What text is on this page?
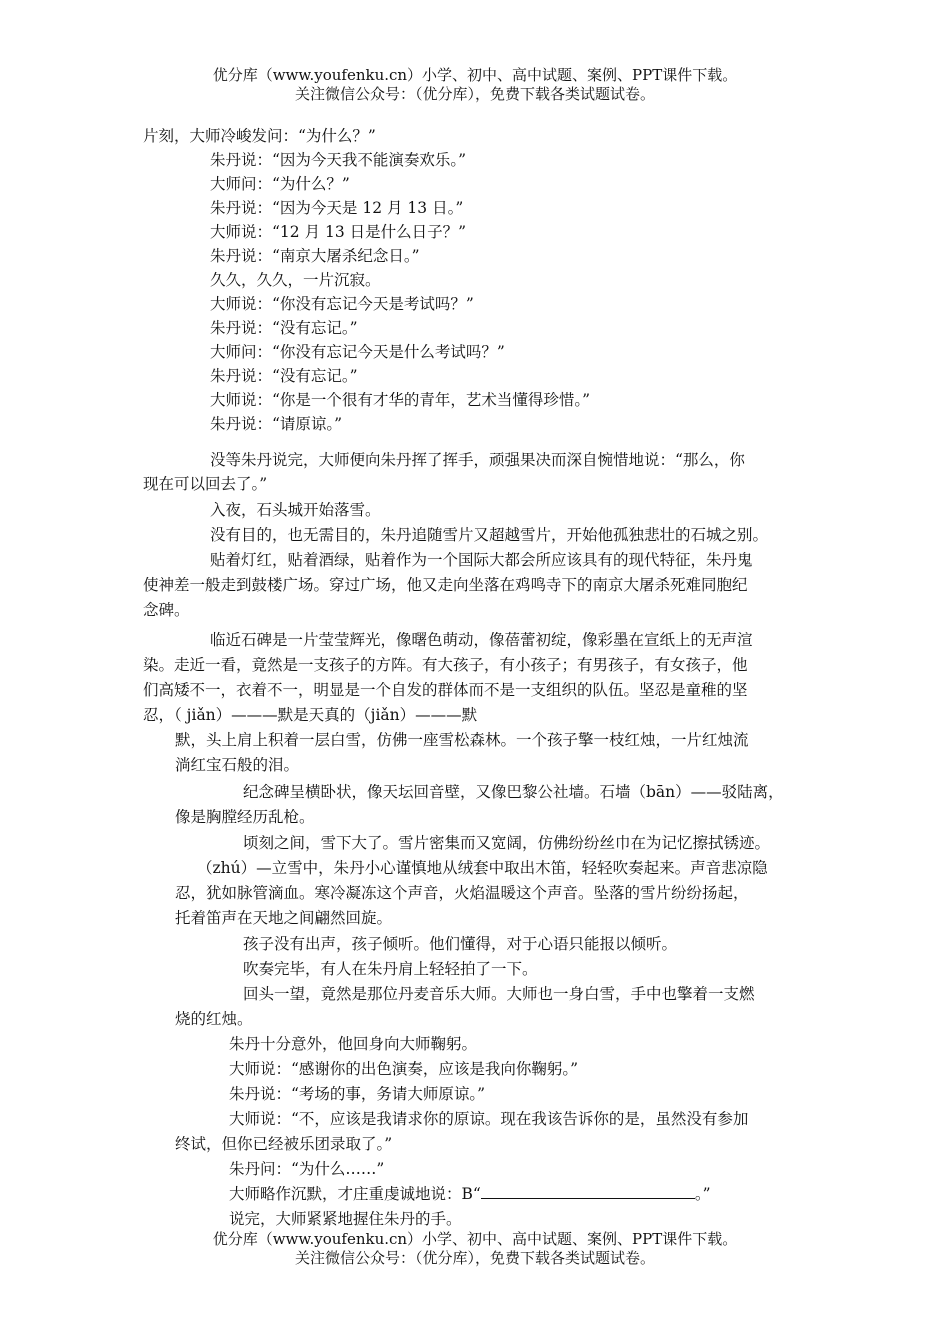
优分库（www.youfenku.cn）小学、初中、高中试题、案例、PPT课件下载。
关注微信公众号：（优分库），免费下载各类试题试卷。
片刻，大师冷峻发问：“为什么？”
朱丹说：“因为今天我不能演奏欢乐。”
大师问：“为什么？”
朱丹说：“因为今天是 12 月 13 日。”
大师说：“12 月 13 日是什么日子？”
朱丹说：“南京大屠杀纪念日。”
久久，久久，一片沉寂。
大师说：“你没有忘记今天是考试吗？”
朱丹说：“没有忘记。”
大师问：“你没有忘记今天是什么考试吗？”
朱丹说：“没有忘记。”
大师说：“你是一个很有才华的青年，艺术当懂得珍惜。”
朱丹说：“请原谅。”
没等朱丹说完，大师便向朱丹挥了挥手，顽强果决而深自惋惜地说：“那么，你
现在可以回去了。”
入夜，石头城开始落雪。
没有目的，也无需目的，朱丹追随雪片又超越雪片，开始他孤独悲壮的石城之别。
贴着灯红，贴着酒绿，贴着作为一个国际大都会所应该具有的现代特征，朱丹鬼
使神差一般走到鼓楼广场。穿过广场，他又走向坐落在鸡鸣寺下的南京大屠杀死难同胞纪
念碑。
临近石碑是一片莹莹辉光，像曙色萌动，像蓓蕾初绽，像彩墨在宣纸上的无声渲
染。走近一看，竟然是一支孩子的方阵。有大孩子，有小孩子；有男孩子，有女孩子，他
们高矮不一，衣着不一，明显是一个自发的群体而不是一支组织的队伍。坚忍是童稚的坚
忍，（ jiǎn）———默是天真的（jiǎn）———默
默，头上肩上积着一层白雪，仿佛一座雪松森林。一个孩子擎一枝红烛，一片红烛流
淌红宝石般的泪。
纪念碑呈横卧状，像天坛回音壁，又像巴黎公社墙。石墙（bān）——驳陆离，
像是胸膛经历乱枪。
顷刻之间，雪下大了。雪片密集而又宽阔，仿佛纷纷丝巾在为记忆擦拭锈迹。
（zhú）—立雪中，朱丹小心谨慎地从绒套中取出木笛，轻轻吹奏起来。声音悲凉隐
忍，犹如脉管滴血。寒冷凝冻这个声音，火焰温暖这个声音。坠落的雪片纷纷扬起，
托着笛声在天地之间翩然回旋。
孩子没有出声，孩子倾听。他们懂得，对于心语只能报以倾听。
吹奏完毕，有人在朱丹肩上轻轻拍了一下。
回头一望，竟然是那位丹麦音乐大师。大师也一身白雪，手中也擎着一支燃
烧的红烛。
朱丹十分意外，他回身向大师鞠躬。
大师说：“感谢你的出色演奏，应该是我向你鞠躬。”
朱丹说：“考场的事，务请大师原谅。”
大师说：“不，应该是我请求你的原谅。现在我该告诉你的是，虽然没有参加
终试，但你已经被乐团录取了。”
朱丹问：“为什么……”
大师略作沉默，才庄重虔诚地说：B“	。”
说完，大师紧紧地握住朱丹的手。
优分库（www.youfenku.cn）小学、初中、高中试题、案例、PPT课件下载。
关注微信公众号：（优分库），免费下载各类试题试卷。
